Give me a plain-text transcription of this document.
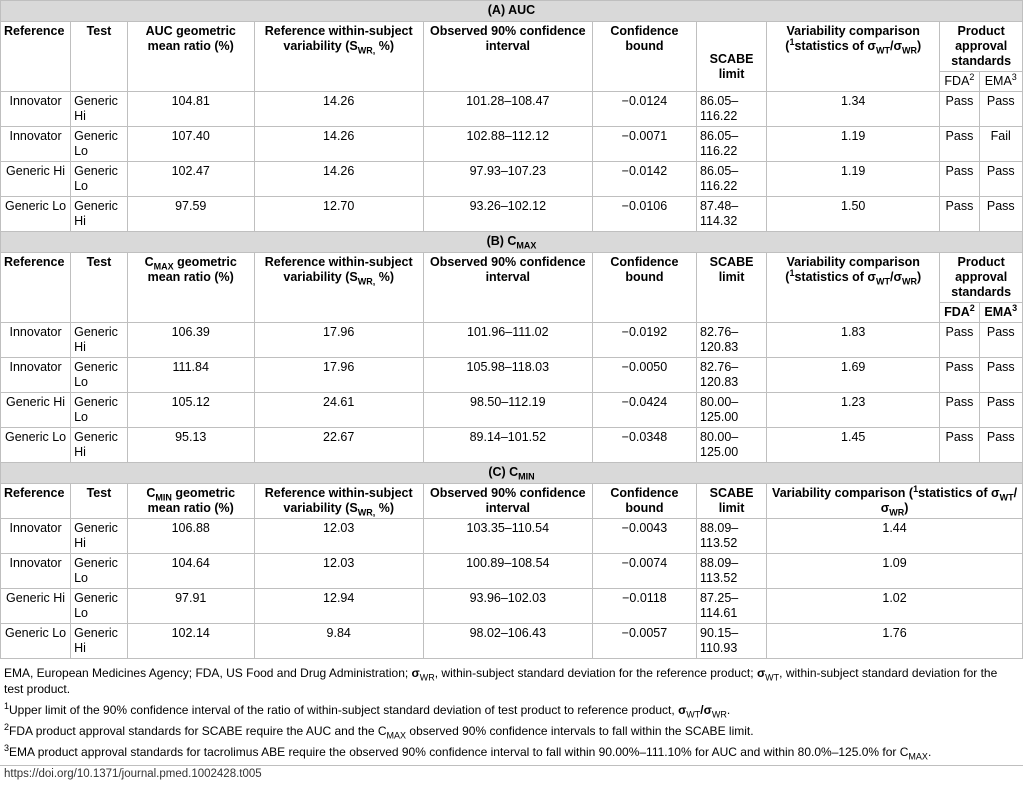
(A) AUC									
Reference	Test	AUC geometric mean ratio (%)	Reference within-subject variability ($S_{WR,}$ %)	Observed 90% confidence interval	Confidence bound	SCABE limit	Variability comparison ($^1$statistics of $\sigma_{WT}/\sigma_{WR}$)	Product approval standards	
								FDA$^2$	EMA$^3$
Innovator	Generic Hi	104.81	14.26	101.28–108.47	−0.0124	86.05–116.22	1.34	Pass	Pass
Innovator	Generic Lo	107.40	14.26	102.88–112.12	−0.0071	86.05–116.22	1.19	Pass	Fail
Generic Hi	Generic Lo	102.47	14.26	97.93–107.23	−0.0142	86.05–116.22	1.19	Pass	Pass
Generic Lo	Generic Hi	97.59	12.70	93.26–102.12	−0.0106	87.48–114.32	1.50	Pass	Pass
(B) $C_{MAX}$
Reference	Test	$C_{MAX}$ geometric mean ratio (%)	Reference within-subject variability ($S_{WR,}$ %)	Observed 90% confidence interval	Confidence bound	SCABE limit	Variability comparison ($^1$statistics of $\sigma_{WT}/\sigma_{WR}$)	Product approval standards	
								FDA$^2$	EMA$^3$
Innovator	Generic Hi	106.39	17.96	101.96–111.02	−0.0192	82.76–120.83	1.83	Pass	Pass
Innovator	Generic Lo	111.84	17.96	105.98–118.03	−0.0050	82.76–120.83	1.69	Pass	Pass
Generic Hi	Generic Lo	105.12	24.61	98.50–112.19	−0.0424	80.00–125.00	1.23	Pass	Pass
Generic Lo	Generic Hi	95.13	22.67	89.14–101.52	−0.0348	80.00–125.00	1.45	Pass	Pass
(C) $C_{MIN}$
Reference	Test	$C_{MIN}$ geometric mean ratio (%)	Reference within-subject variability ($S_{WR,}$ %)	Observed 90% confidence interval	Confidence bound	SCABE limit	Variability comparison ($^1$statistics of $\sigma_{WT}/$ $\sigma_{WR}$)		
Innovator	Generic Hi	106.88	12.03	103.35–110.54	−0.0043	88.09–113.52	1.44		
Innovator	Generic Lo	104.64	12.03	100.89–108.54	−0.0074	88.09–113.52	1.09		
Generic Hi	Generic Lo	97.91	12.94	93.96–102.03	−0.0118	87.25–114.61	1.02		
Generic Lo	Generic Hi	102.14	9.84	98.02–106.43	−0.0057	90.15–110.93	1.76		

EMA, European Medicines Agency; FDA, US Food and Drug Administration; $\sigma_{WR}$, within-subject standard deviation for the reference product; $\sigma_{WT}$, within-subject standard deviation for the test product.

$^1$Upper limit of the 90% confidence interval of the ratio of within-subject standard deviation of test product to reference product, $\sigma_{WT}/\sigma_{WR}$.

$^2$FDA product approval standards for SCABE require the AUC and the $C_{MAX}$ observed 90% confidence intervals to fall within the SCABE limit.

$^3$EMA product approval standards for tacrolimus ABE require the observed 90% confidence interval to fall within 90.00%–111.10% for AUC and within 80.0%–125.0% for $C_{MAX}$.

https://doi.org/10.1371/journal.pmed.1002428.t005
